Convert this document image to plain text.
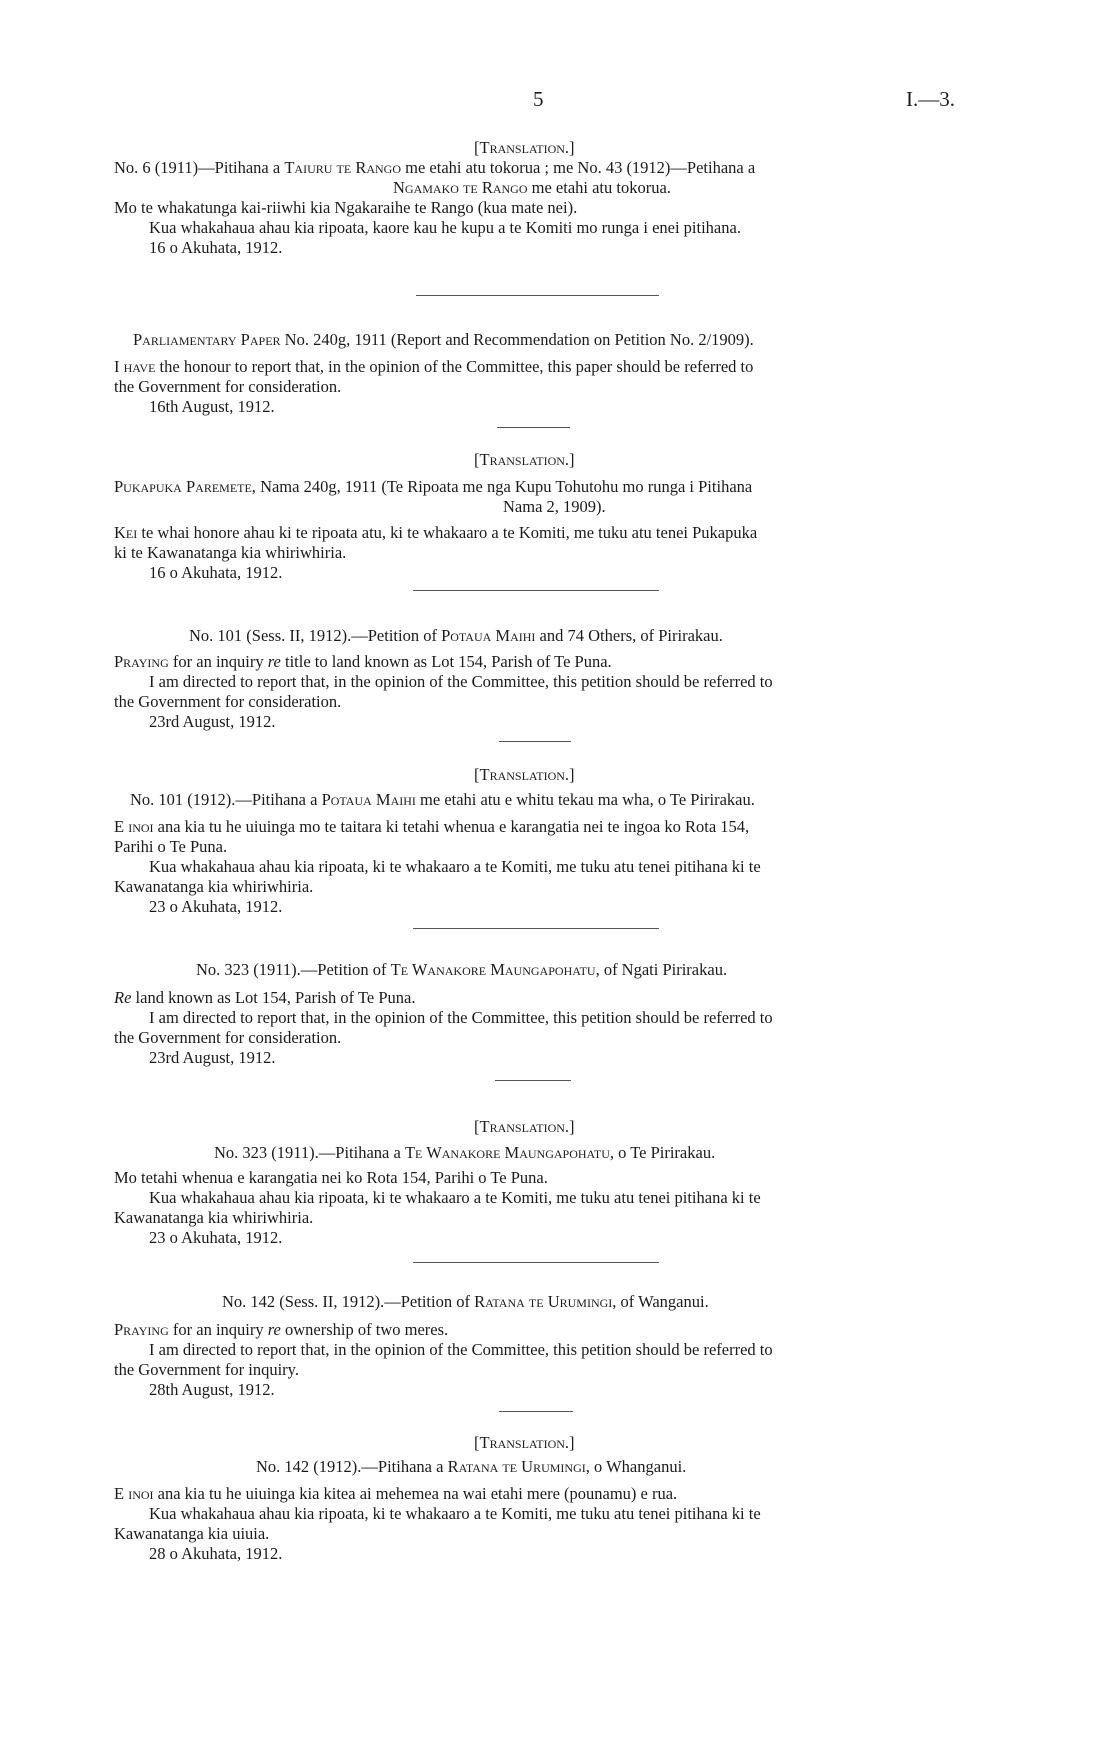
5	I.—3.
[Translation.]
No. 6 (1911)—Pitihana a Taiuru te Rango me etahi atu tokorua ; me No. 43 (1912)—Petihana a
Ngamako te Rango me etahi atu tokorua.
Mo te whakatunga kai-riiwhi kia Ngakaraihe te Rango (kua mate nei).
Kua whakahaua ahau kia ripoata, kaore kau he kupu a te Komiti mo runga i enei pitihana.
16 o Akuhata, 1912.
Parliamentary Paper No. 240g, 1911 (Report and Recommendation on Petition No. 2/1909).
I have the honour to report that, in the opinion of the Committee, this paper should be referred to
the Government for consideration.
16th August, 1912.
[Translation.]
Pukapuka Paremete, Nama 240g, 1911 (Te Ripoata me nga Kupu Tohutohu mo runga i Pitihana
Nama 2, 1909).
Kei te whai honore ahau ki te ripoata atu, ki te whakaaro a te Komiti, me tuku atu tenei Pukapuka
ki te Kawanatanga kia whiriwhiria.
16 o Akuhata, 1912.
No. 101 (Sess. II, 1912).—Petition of Potaua Maihi and 74 Others, of Pirirakau.
Praying for an inquiry re title to land known as Lot 154, Parish of Te Puna.
I am directed to report that, in the opinion of the Committee, this petition should be referred to
the Government for consideration.
23rd August, 1912.
[Translation.]
No. 101 (1912).—Pitihana a Potaua Maihi me etahi atu e whitu tekau ma wha, o Te Pirirakau.
E inoi ana kia tu he uiuinga mo te taitara ki tetahi whenua e karangatia nei te ingoa ko Rota 154,
Parihi o Te Puna.
Kua whakahaua ahau kia ripoata, ki te whakaaro a te Komiti, me tuku atu tenei pitihana ki te
Kawanatanga kia whiriwhiria.
23 o Akuhata, 1912.
No. 323 (1911).—Petition of Te Wanakore Maungapohatu, of Ngati Pirirakau.
Re land known as Lot 154, Parish of Te Puna.
I am directed to report that, in the opinion of the Committee, this petition should be referred to
the Government for consideration.
23rd August, 1912.
[Translation.]
No. 323 (1911).—Pitihana a Te Wanakore Maungapohatu, o Te Pirirakau.
Mo tetahi whenua e karangatia nei ko Rota 154, Parihi o Te Puna.
Kua whakahaua ahau kia ripoata, ki te whakaaro a te Komiti, me tuku atu tenei pitihana ki te
Kawanatanga kia whiriwhiria.
23 o Akuhata, 1912.
No. 142 (Sess. II, 1912).—Petition of Ratana te Urumingi, of Wanganui.
Praying for an inquiry re ownership of two meres.
I am directed to report that, in the opinion of the Committee, this petition should be referred to
the Government for inquiry.
28th August, 1912.
[Translation.]
No. 142 (1912).—Pitihana a Ratana te Urumingi, o Whanganui.
E inoi ana kia tu he uiuinga kia kitea ai mehemea na wai etahi mere (pounamu) e rua.
Kua whakahaua ahau kia ripoata, ki te whakaaro a te Komiti, me tuku atu tenei pitihana ki te
Kawanatanga kia uiuia.
28 o Akuhata, 1912.
